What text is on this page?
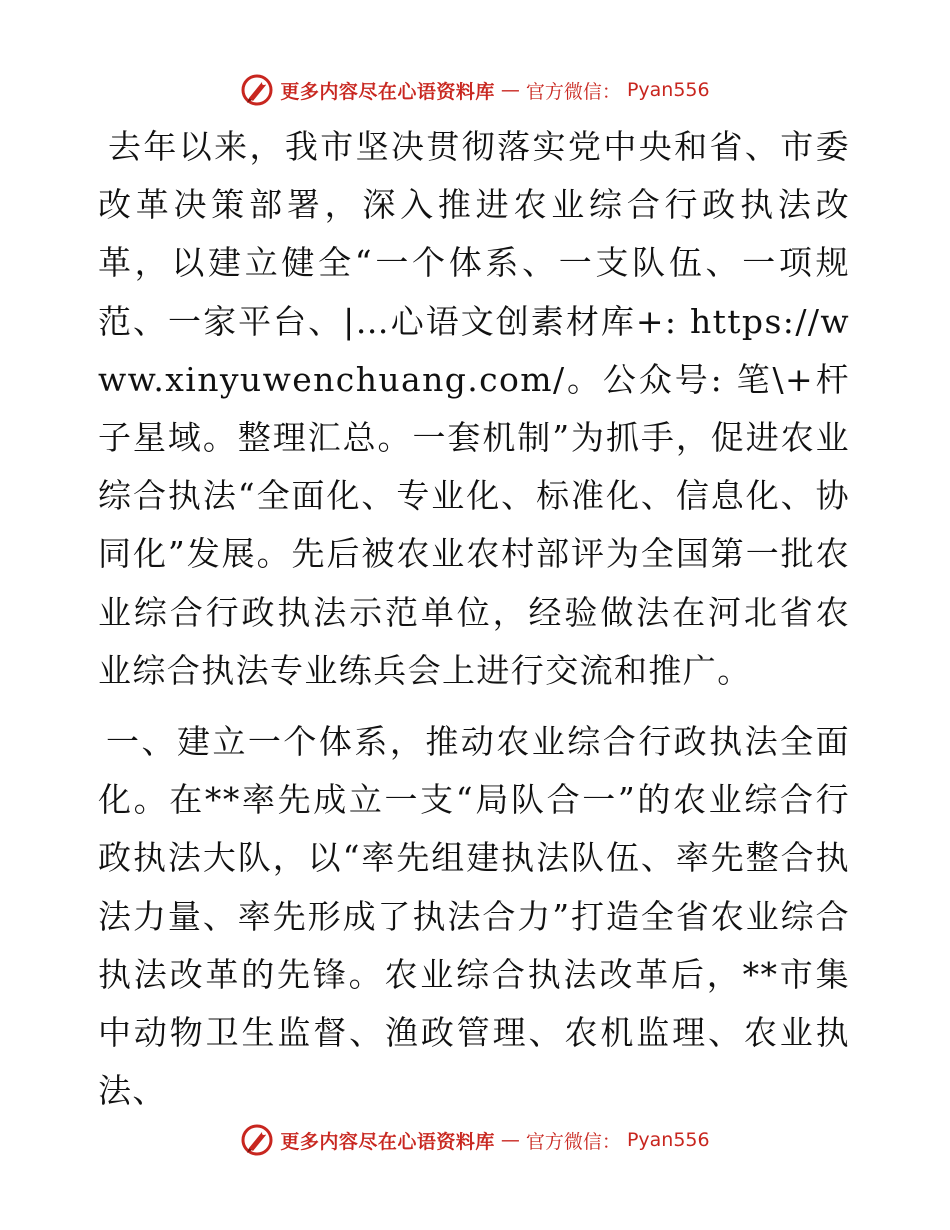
更多内容尽在心语资料库 — 官方微信： Pyan556

去年以来，我市坚决贯彻落实党中央和省、市委改革决策部署，深入推进农业综合行政执法改革，以建立健全“一个体系、一支队伍、一项规范、一家平台、|…心语文创素材库+: https://www.xinyuwenchuang.com/。公众号: 笔\+杆子星域。整理汇总。一套机制”为抓手，促进农业综合执法“全面化、专业化、标准化、信息化、协同化”发展。先后被农业农村部评为全国第一批农业综合行政执法示范单位，经验做法在河北省农业综合执法专业练兵会上进行交流和推广。

一、建立一个体系，推动农业综合行政执法全面化。在**率先成立一支“局队合一”的农业综合行政执法大队，以“率先组建执法队伍、率先整合执法力量、率先形成了执法合力”打造全省农业综合执法改革的先锋。农业综合执法改革后，**市集中动物卫生监督、渔政管理、农机监理、农业执法、

更多内容尽在心语资料库 — 官方微信： Pyan556
